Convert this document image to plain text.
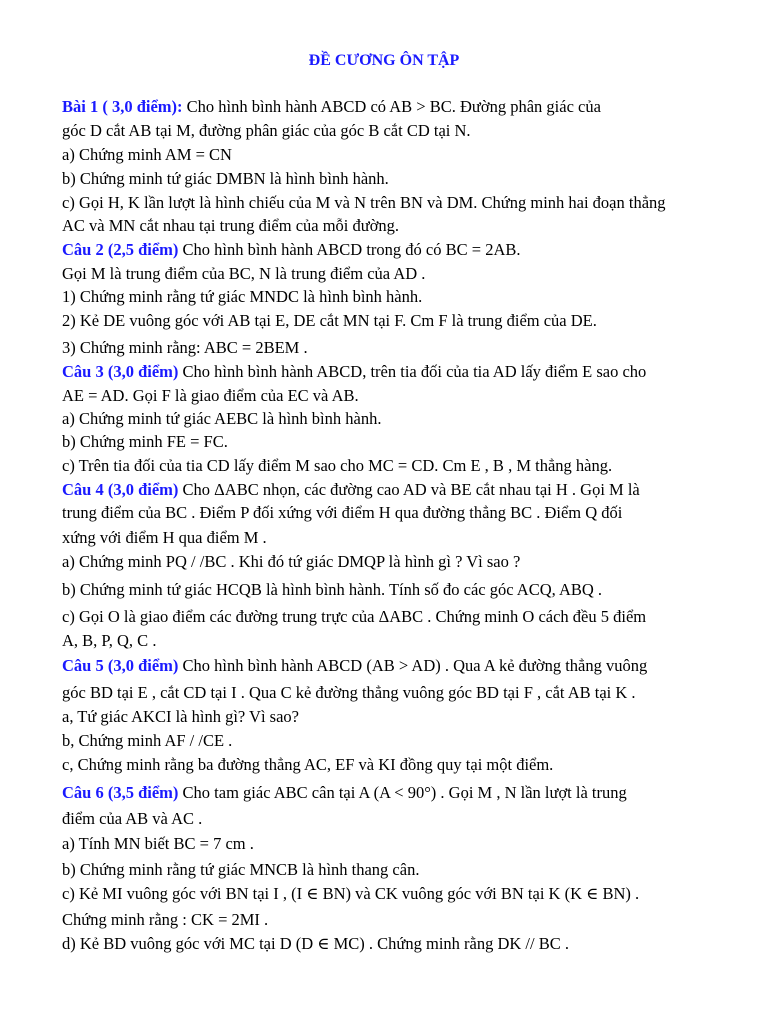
ĐỀ CƯƠNG ÔN TẬP
Bài 1 ( 3,0 điểm): Cho hình bình hành ABCD có AB > BC. Đường phân giác của
góc D cắt AB tại M, đường phân giác của góc B cắt CD tại N.
a) Chứng minh AM = CN
b) Chứng minh tứ giác DMBN là hình bình hành.
c) Gọi H, K lần lượt là hình chiếu của M và N trên BN và DM. Chứng minh hai đoạn thẳng
AC và MN cắt nhau tại trung điểm của mỗi đường.
Câu 2 (2,5 điểm) Cho hình bình hành ABCD trong đó có BC = 2AB.
Gọi M là trung điểm của BC, N là trung điểm của AD .
1) Chứng minh rằng tứ giác MNDC là hình bình hành.
2) Kẻ DE vuông góc với AB tại E, DE cắt MN tại F. Cm F là trung điểm của DE.
3) Chứng minh rằng: ABC = 2BEM .
Câu 3 (3,0 điểm) Cho hình bình hành ABCD, trên tia đối của tia AD lấy điểm E sao cho
AE = AD. Gọi F là giao điểm của EC và AB.
a) Chứng minh tứ giác AEBC là hình bình hành.
b) Chứng minh FE = FC.
c) Trên tia đối của tia CD lấy điểm M sao cho MC = CD. Cm E , B , M thẳng hàng.
Câu 4 (3,0 điểm) Cho ΔABC nhọn, các đường cao AD và BE cắt nhau tại H . Gọi M là
trung điểm của BC . Điểm P đối xứng với điểm H qua đường thẳng BC . Điểm Q đối
xứng với điểm H qua điểm M .
a) Chứng minh PQ / /BC . Khi đó tứ giác DMQP là hình gì ? Vì sao ?
b) Chứng minh tứ giác HCQB là hình bình hành. Tính số đo các góc ACQ, ABQ .
c) Gọi O là giao điểm các đường trung trực của ΔABC . Chứng minh O cách đều 5 điểm
A, B, P, Q, C .
Câu 5 (3,0 điểm) Cho hình bình hành ABCD (AB > AD) . Qua A kẻ đường thẳng vuông
góc BD tại E , cắt CD tại I . Qua C kẻ đường thẳng vuông góc BD tại F , cắt AB tại K .
a, Tứ giác AKCI là hình gì? Vì sao?
b, Chứng minh AF / /CE .
c, Chứng minh rằng ba đường thẳng AC, EF và KI đồng quy tại một điểm.
Câu 6 (3,5 điểm) Cho tam giác ABC cân tại A (A < 90°) . Gọi M , N lần lượt là trung
điểm của AB và AC .
a) Tính MN biết BC = 7 cm .
b) Chứng minh rằng tứ giác MNCB là hình thang cân.
c) Kẻ MI vuông góc với BN tại I , (I ∈ BN) và CK vuông góc với BN tại K (K ∈ BN) .
Chứng minh rằng : CK = 2MI .
d) Kẻ BD vuông góc với MC tại D (D ∈ MC) . Chứng minh rằng DK // BC .
